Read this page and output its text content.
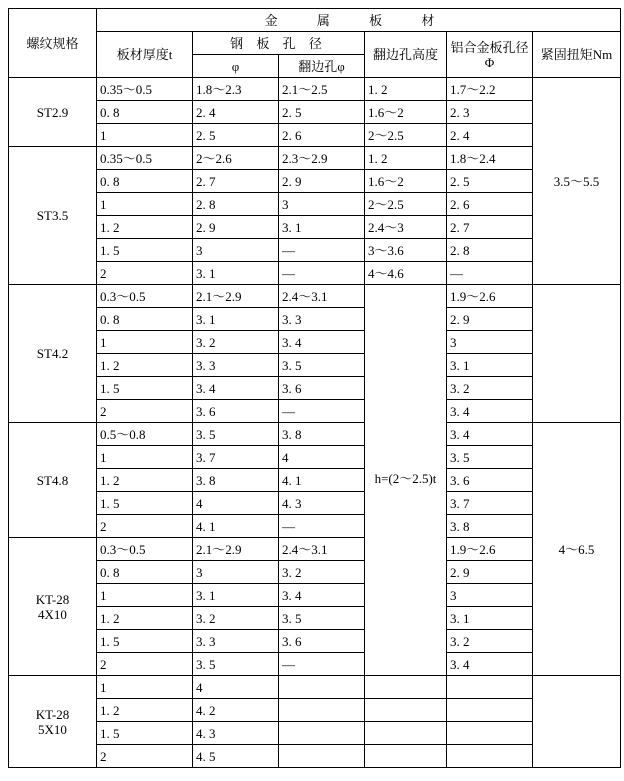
螺纹规格	金 属 板 材					
	板材厚度t	钢 板 孔 径		翻边孔高度	铝合金板孔径Φ	紧固扭矩Nm
		φ	翻边孔φ			
ST2.9	0.35～0.5	1.8～2.3	2.1～2.5	1. 2	1.7～2.2	3.5～5.5
	0. 8	2. 4	2. 5	1.6～2	2. 3	
	1	2. 5	2. 6	2～2.5	2. 4	
ST3.5	0.35～0.5	2～2.6	2.3～2.9	1. 2	1.8～2.4	
	0. 8	2. 7	2. 9	1.6～2	2. 5	
	1	2. 8	3	2～2.5	2. 6	
	1. 2	2. 9	3. 1	2.4～3	2. 7	
	1. 5	3	—	3～3.6	2. 8	
	2	3. 1	—	4～4.6	—	
ST4.2	0.3～0.5	2.1～2.9	2.4～3.1	h=(2～2.5)t	1.9～2.6	
	0. 8	3. 1	3. 3		2. 9	
	1	3. 2	3. 4		3	
	1. 2	3. 3	3. 5		3. 1	
	1. 5	3. 4	3. 6		3. 2	
	2	3. 6	—		3. 4	
ST4.8	0.5～0.8	3. 5	3. 8		3. 4	4～6.5
	1	3. 7	4		3. 5	
	1. 2	3. 8	4. 1		3. 6	
	1. 5	4	4. 3		3. 7	
	2	4. 1	—		3. 8	
KT-28
4X10	0.3～0.5	2.1～2.9	2.4～3.1		1.9～2.6	
	0. 8	3	3. 2		2. 9	
	1	3. 1	3. 4		3	
	1. 2	3. 2	3. 5		3. 1	
	1. 5	3. 3	3. 6		3. 2	
	2	3. 5	—		3. 4	
KT-28
5X10	1	4				
	1. 2	4. 2				
	1. 5	4. 3				
	2	4. 5				
